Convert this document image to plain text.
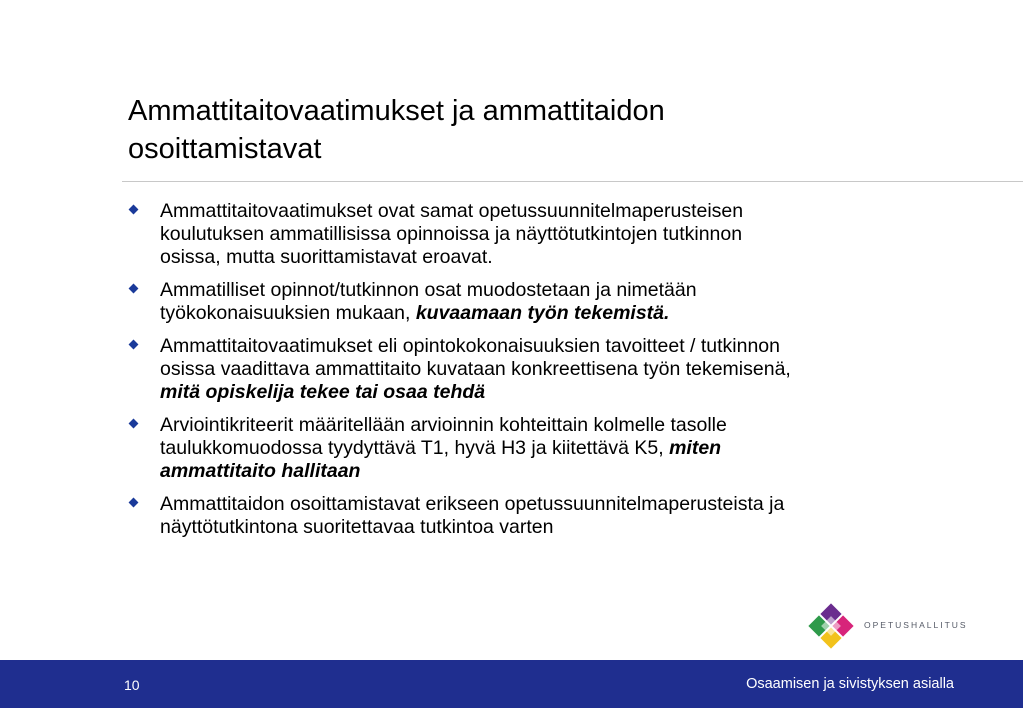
Ammattitaitovaatimukset ja ammattitaidon
osoittamistavat
Ammattitaitovaatimukset ovat samat opetussuunnitelmaperusteisen
koulutuksen ammatillisissa opinnoissa ja näyttötutkintojen tutkinnon
osissa, mutta suorittamistavat eroavat.
Ammatilliset opinnot/tutkinnon osat muodostetaan ja nimetään
työkokonaisuuksien mukaan, kuvaamaan työn tekemistä.
Ammattitaitovaatimukset eli opintokokonaisuuksien tavoitteet / tutkinnon
osissa vaadittava ammattitaito kuvataan konkreettisena työn tekemisenä,
mitä opiskelija tekee tai osaa tehdä
Arviointikriteerit määritellään arvioinnin kohteittain kolmelle tasolle
taulukkomuodossa tyydyttävä T1, hyvä H3 ja kiitettävä K5, miten
ammattitaito hallitaan
Ammattitaidon osoittamistavat erikseen opetussuunnitelmaperusteista ja
näyttötutkintona suoritettavaa tutkintoa varten
OPETUSHALLITUS
10	Osaamisen ja sivistyksen asialla
